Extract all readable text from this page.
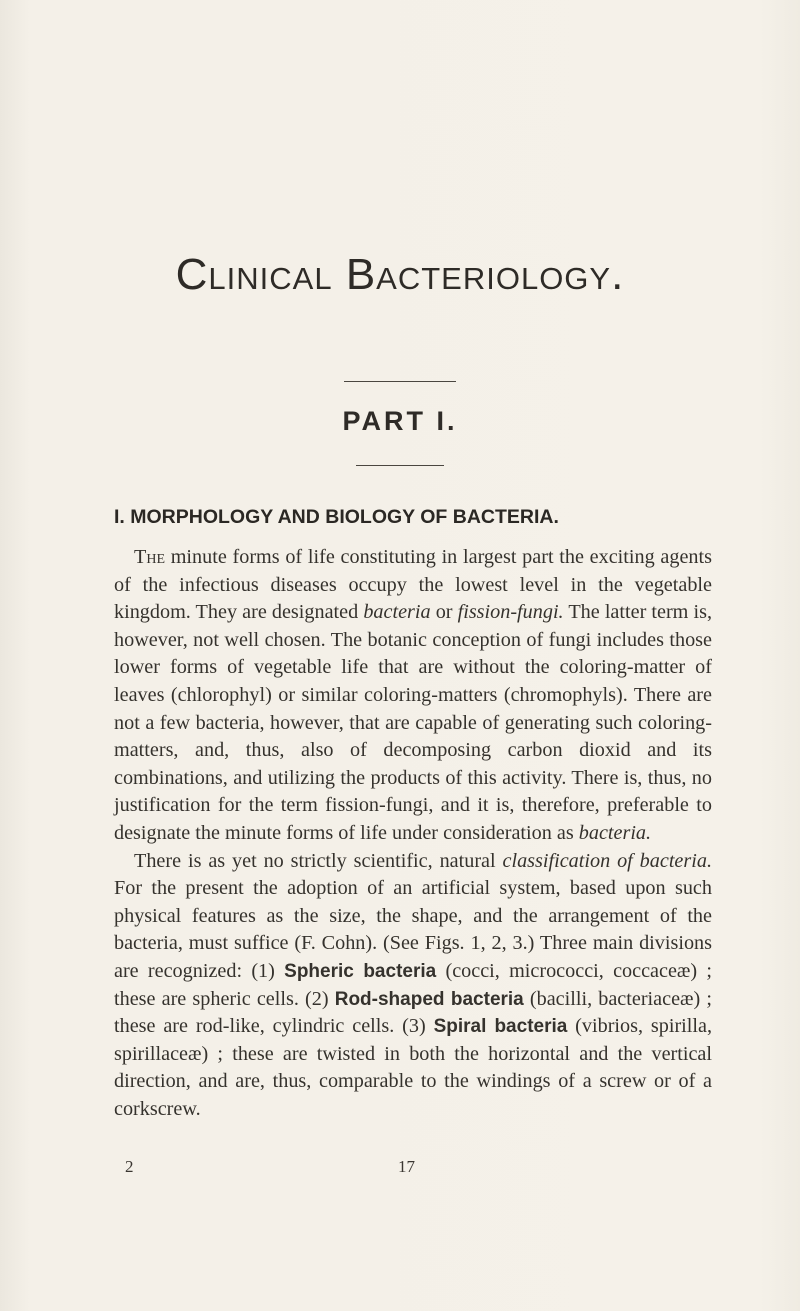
Clinical Bacteriology.
PART I.
I. MORPHOLOGY AND BIOLOGY OF BACTERIA.

The minute forms of life constituting in largest part the exciting agents of the infectious diseases occupy the lowest level in the vegetable kingdom. They are designated bacteria or fission-fungi. The latter term is, however, not well chosen. The botanic conception of fungi includes those lower forms of vegetable life that are without the coloring-matter of leaves (chlorophyl) or similar coloring-matters (chromophyls). There are not a few bacteria, however, that are capable of generating such coloring-matters, and, thus, also of decomposing carbon dioxid and its combinations, and utilizing the products of this activity. There is, thus, no justification for the term fission-fungi, and it is, therefore, preferable to designate the minute forms of life under consideration as bacteria.

There is as yet no strictly scientific, natural classification of bacteria. For the present the adoption of an artificial system, based upon such physical features as the size, the shape, and the arrangement of the bacteria, must suffice (F. Cohn). (See Figs. 1, 2, 3.) Three main divisions are recognized: (1) Spheric bacteria (cocci, micrococci, coccaceæ) ; these are spheric cells. (2) Rod-shaped bacteria (bacilli, bacteriaceæ) ; these are rod-like, cylindric cells. (3) Spiral bacteria (vibrios, spirilla, spirillaceæ) ; these are twisted in both the horizontal and the vertical direction, and are, thus, comparable to the windings of a screw or of a corkscrew.

2	17
